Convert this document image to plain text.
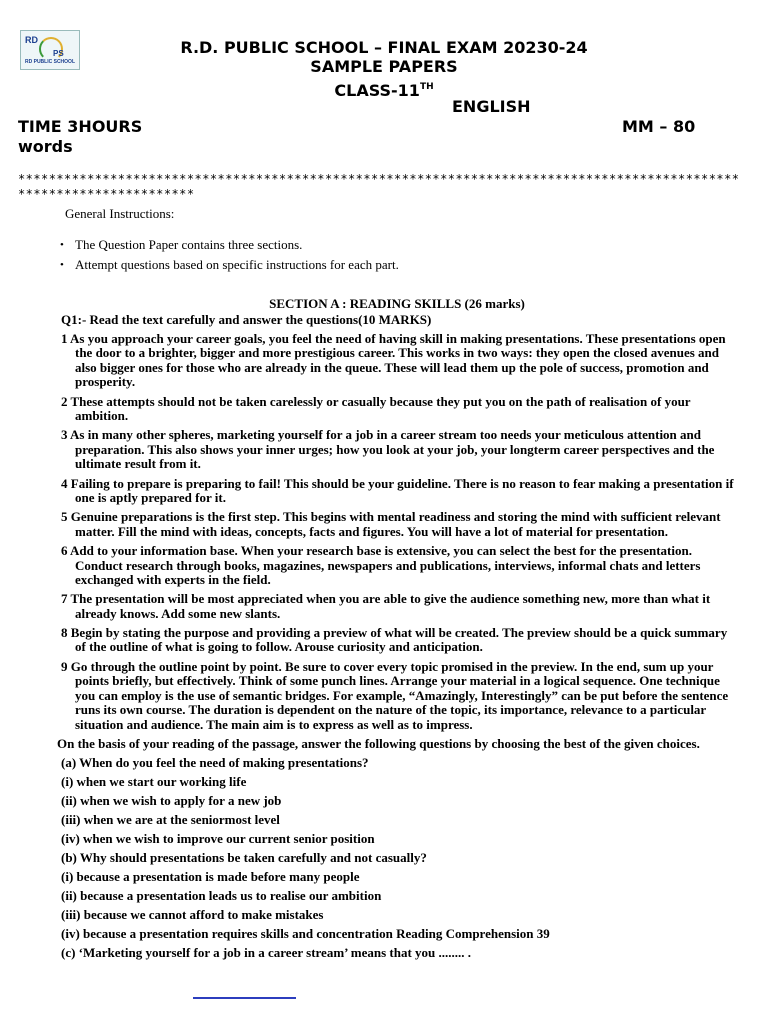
RD
PS
RD PUBLIC SCHOOL
R.D. PUBLIC SCHOOL – FINAL EXAM 20230-24
SAMPLE PAPERS
CLASS-11TH
ENGLISH
TIME 3HOURS	MM – 80
words
*********************************************************************************************************************
General Instructions:
• The Question Paper contains three sections.
• Attempt questions based on specific instructions for each part.

SECTION A : READING SKILLS (26 marks)

Q1:- Read the text carefully and answer the questions(10 MARKS)

1 As you approach your career goals, you feel the need of having skill in making presentations. These presentations open the door to a brighter, bigger and more prestigious career. This works in two ways: they open the closed avenues and also bigger ones for those who are already in the queue. These will lead them up the pole of success, promotion and prosperity.

2 These attempts should not be taken carelessly or casually because they put you on the path of realisation of your ambition.

3 As in many other spheres, marketing yourself for a job in a career stream too needs your meticulous attention and preparation. This also shows your inner urges; how you look at your job, your longterm career perspectives and the ultimate result from it.

4 Failing to prepare is preparing to fail! This should be your guideline. There is no reason to fear making a presentation if one is aptly prepared for it.

5 Genuine preparations is the first step. This begins with mental readiness and storing the mind with sufficient relevant matter. Fill the mind with ideas, concepts, facts and figures. You will have a lot of material for presentation.

6 Add to your information base. When your research base is extensive, you can select the best for the presentation. Conduct research through books, magazines, newspapers and publications, interviews, informal chats and letters exchanged with experts in the field.

7 The presentation will be most appreciated when you are able to give the audience something new, more than what it already knows. Add some new slants.

8 Begin by stating the purpose and providing a preview of what will be created. The preview should be a quick summary of the outline of what is going to follow. Arouse curiosity and anticipation.

9 Go through the outline point by point. Be sure to cover every topic promised in the preview. In the end, sum up your points briefly, but effectively. Think of some punch lines. Arrange your material in a logical sequence. One technique you can employ is the use of semantic bridges. For example, “Amazingly, Interestingly” can be put before the sentence runs its own course. The duration is dependent on the nature of the topic, its importance, relevance to a particular situation and audience. The main aim is to express as well as to impress.

On the basis of your reading of the passage, answer the following questions by choosing the best of the given choices.

(a) When do you feel the need of making presentations?

(i) when we start our working life

(ii) when we wish to apply for a new job

(iii) when we are at the seniormost level

(iv) when we wish to improve our current senior position

(b) Why should presentations be taken carefully and not casually?

(i) because a presentation is made before many people

(ii) because a presentation leads us to realise our ambition

(iii) because we cannot afford to make mistakes

(iv) because a presentation requires skills and concentration Reading Comprehension 39

(c) ‘Marketing yourself for a job in a career stream’ means that you ........ .
